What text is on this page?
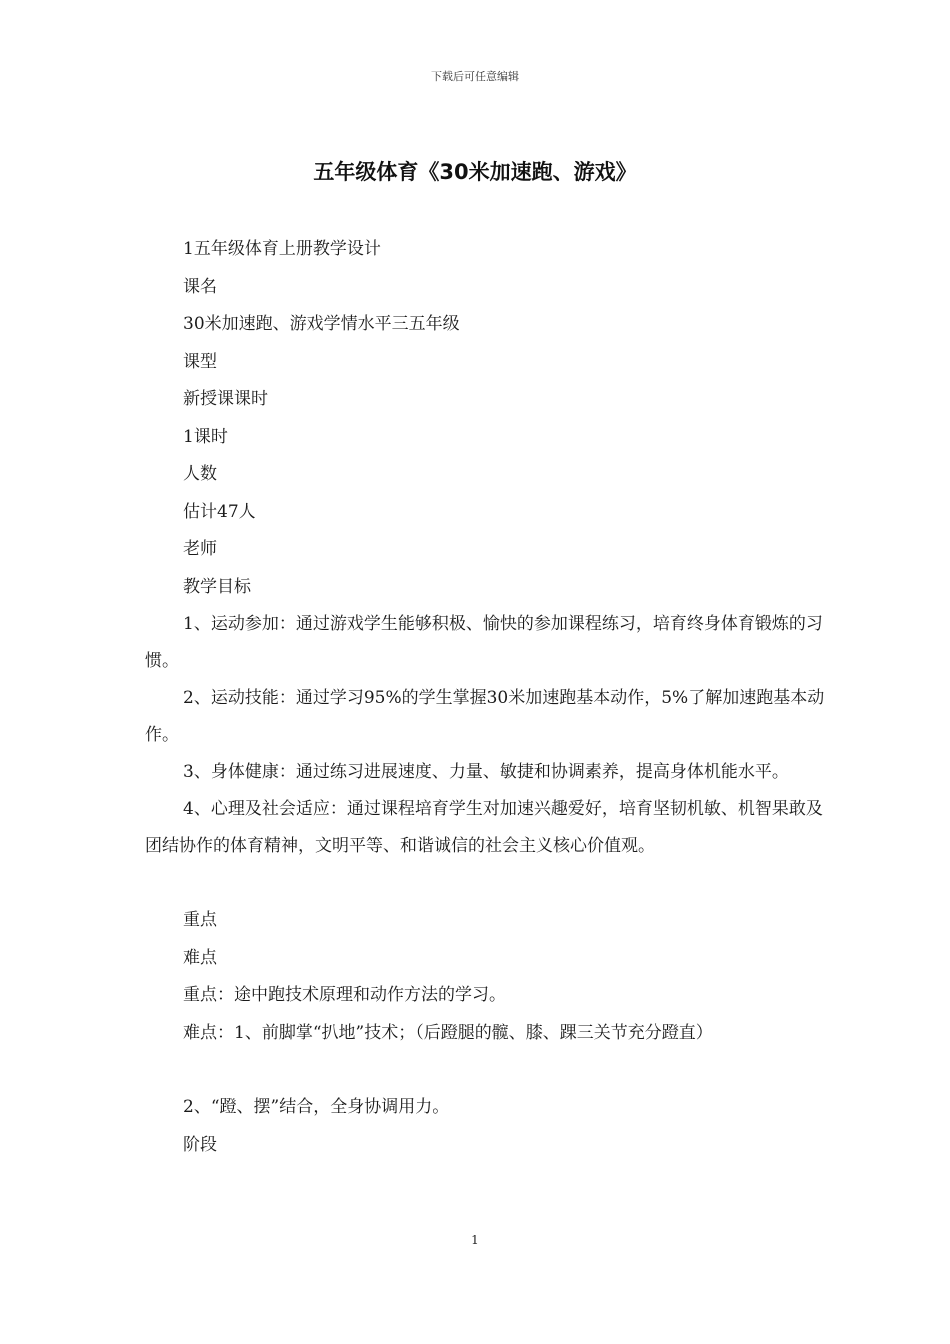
下载后可任意编辑
五年级体育《30米加速跑、游戏》
1五年级体育上册教学设计
课名
30米加速跑、游戏学情水平三五年级
课型
新授课课时
1课时
人数
估计47人
老师
教学目标

1、运动参加：通过游戏学生能够积极、愉快的参加课程练习，培育终身体育锻炼的习惯。

2、运动技能：通过学习95%的学生掌握30米加速跑基本动作，5%了解加速跑基本动作。

3、身体健康：通过练习进展速度、力量、敏捷和协调素养，提高身体机能水平。

4、心理及社会适应：通过课程培育学生对加速兴趣爱好，培育坚韧机敏、机智果敢及团结协作的体育精神，文明平等、和谐诚信的社会主义核心价值观。

重点
难点
重点：途中跑技术原理和动作方法的学习。
难点：1、前脚掌“扒地”技术；（后蹬腿的髋、膝、踝三关节充分蹬直）
2、“蹬、摆”结合，全身协调用力。
阶段
1
